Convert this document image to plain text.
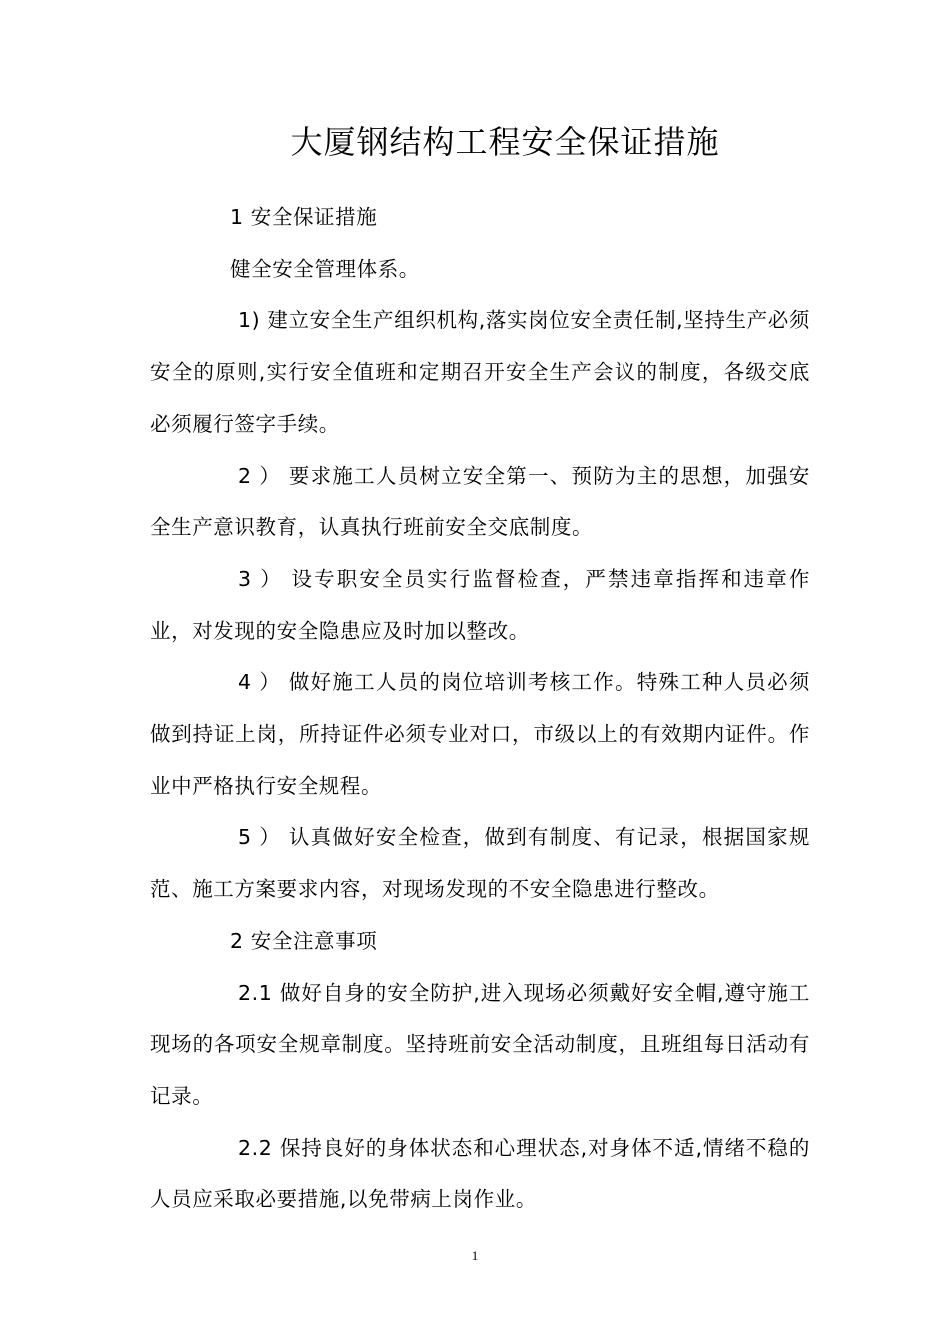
大厦钢结构工程安全保证措施

1 安全保证措施

健全安全管理体系。

1) 建立安全生产组织机构,落实岗位安全责任制,坚持生产必须安全的原则,实行安全值班和定期召开安全生产会议的制度，各级交底必须履行签字手续。

2 ） 要求施工人员树立安全第一、预防为主的思想，加强安全生产意识教育，认真执行班前安全交底制度。

3 ） 设专职安全员实行监督检查，严禁违章指挥和违章作业，对发现的安全隐患应及时加以整改。

4 ） 做好施工人员的岗位培训考核工作。特殊工种人员必须做到持证上岗，所持证件必须专业对口，市级以上的有效期内证件。作业中严格执行安全规程。

5 ） 认真做好安全检查，做到有制度、有记录，根据国家规范、施工方案要求内容，对现场发现的不安全隐患进行整改。

2 安全注意事项

2.1 做好自身的安全防护,进入现场必须戴好安全帽,遵守施工现场的各项安全规章制度。坚持班前安全活动制度，且班组每日活动有记录。

2.2 保持良好的身体状态和心理状态,对身体不适,情绪不稳的人员应采取必要措施,以免带病上岗作业。

1
